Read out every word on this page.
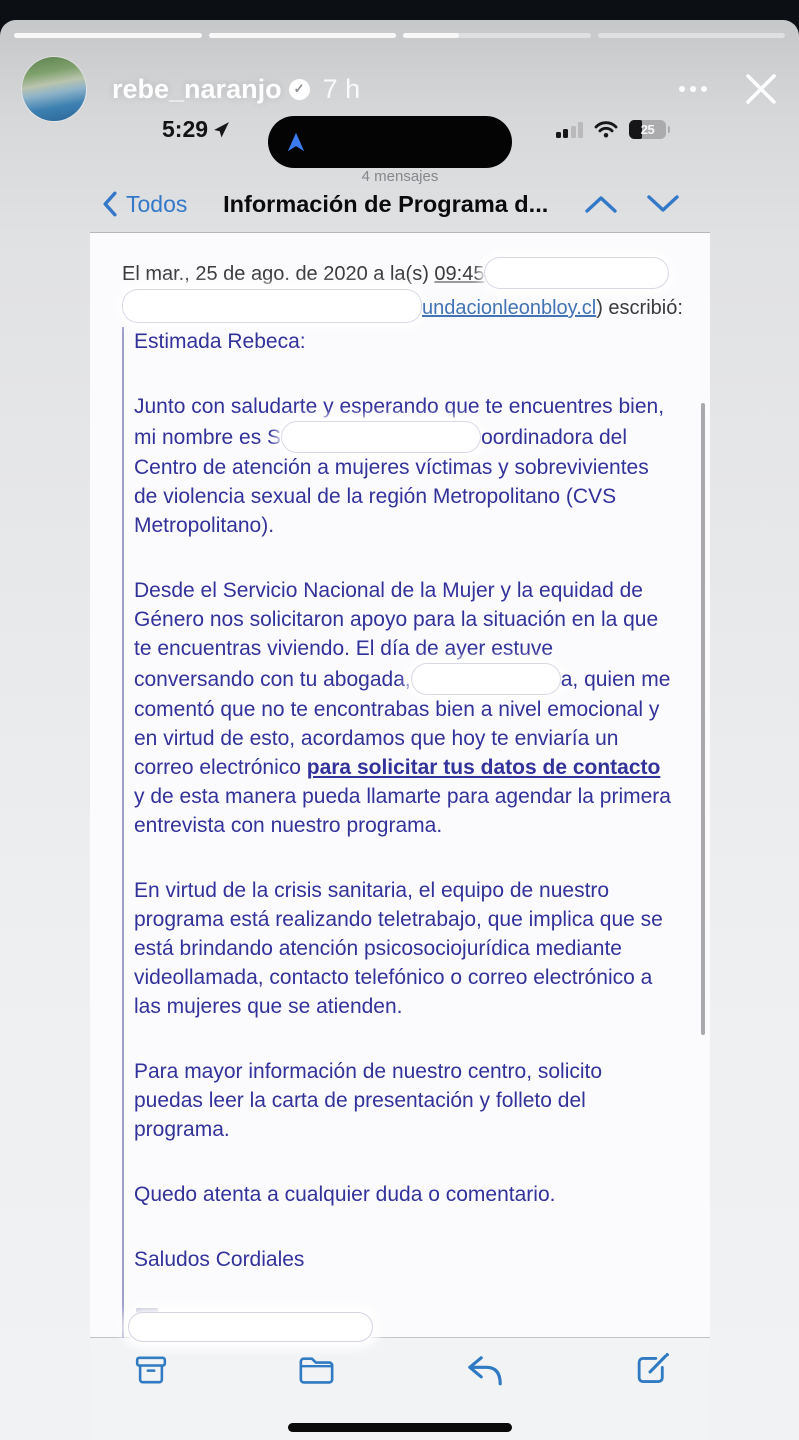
rebe_naranjo ✓ 7 h
5:29	25
4 mensajes
Todos	Información de Programa d...
El mar., 25 de ago. de 2020 a la(s) 09:45
undacionleonbloy.cl) escribió:
Estimada Rebeca:
Junto con saludarte y esperando que te encuentres bien, mi nombre es S	oordinadora del Centro de atención a mujeres víctimas y sobrevivientes de violencia sexual de la región Metropolitano (CVS Metropolitano).
Desde el Servicio Nacional de la Mujer y la equidad de Género nos solicitaron apoyo para la situación en la que te encuentras viviendo. El día de ayer estuve conversando con tu abogada,	a, quien me comentó que no te encontrabas bien a nivel emocional y en virtud de esto, acordamos que hoy te enviaría un correo electrónico para solicitar tus datos de contacto y de esta manera pueda llamarte para agendar la primera entrevista con nuestro programa.
En virtud de la crisis sanitaria, el equipo de nuestro programa está realizando teletrabajo, que implica que se está brindando atención psicosociojurídica mediante videollamada, contacto telefónico o correo electrónico a las mujeres que se atienden.
Para mayor información de nuestro centro, solicito puedas leer la carta de presentación y folleto del programa.
Quedo atenta a cualquier duda o comentario.
Saludos Cordiales
